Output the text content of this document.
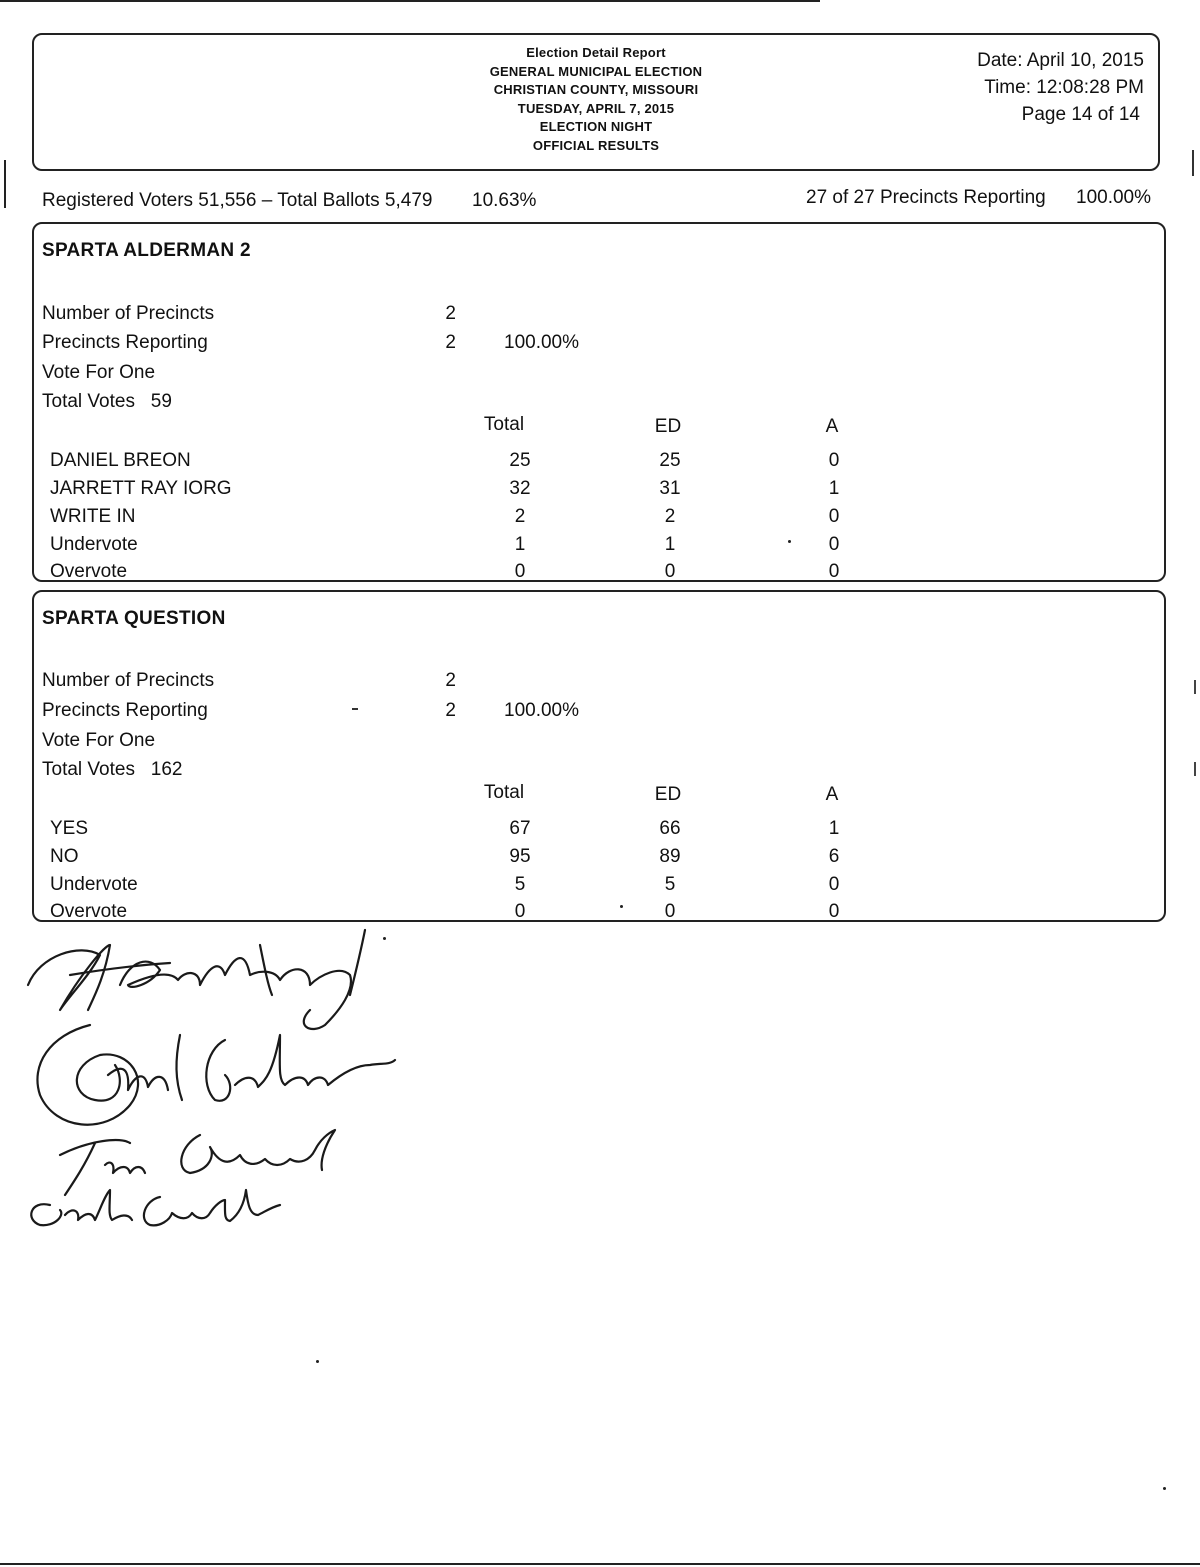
Election Detail Report
GENERAL MUNICIPAL ELECTION
CHRISTIAN COUNTY, MISSOURI
TUESDAY, APRIL 7, 2015
ELECTION NIGHT
OFFICIAL RESULTS
Date: April 10, 2015
Time: 12:08:28 PM
Page 14 of 14
Registered Voters 51,556 – Total Ballots 5,479 10.63%	27 of 27 Precincts Reporting 100.00%
SPARTA ALDERMAN 2
Number of Precincts	2
Precincts Reporting	2	100.00%
Vote For One
Total Votes 59
Total	ED	A
DANIEL BREON	25	25	0
JARRETT RAY IORG	32	31	1
WRITE IN	2	2	0
Undervote	1	1	0
Overvote	0	0	0
SPARTA QUESTION
Number of Precincts	2
Precincts Reporting	2	100.00%
Vote For One
Total Votes 162
Total	ED	A
YES	67	66	1
NO	95	89	6
Undervote	5	5	0
Overvote	0	0	0
